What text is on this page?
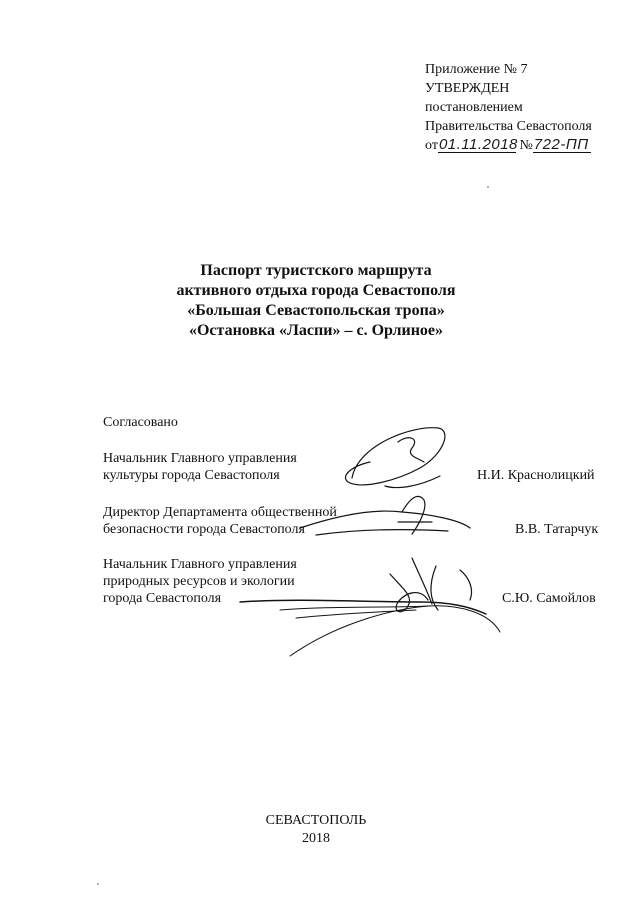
Приложение № 7
УТВЕРЖДЕН
постановлением
Правительства Севастополя
от01.11.2018 №722-ПП
Паспорт туристского маршрута
активного отдыха города Севастополя
«Большая Севастопольская тропа»
«Остановка «Ласпи» – с. Орлиное»
Согласовано
Начальник Главного управления
культуры города Севастополя	Н.И. Краснолицкий
Директор Департамента общественной
безопасности города Севастополя	В.В. Татарчук
Начальник Главного управления
природных ресурсов и экологии
города Севастополя	С.Ю. Самойлов
СЕВАСТОПОЛЬ
2018
